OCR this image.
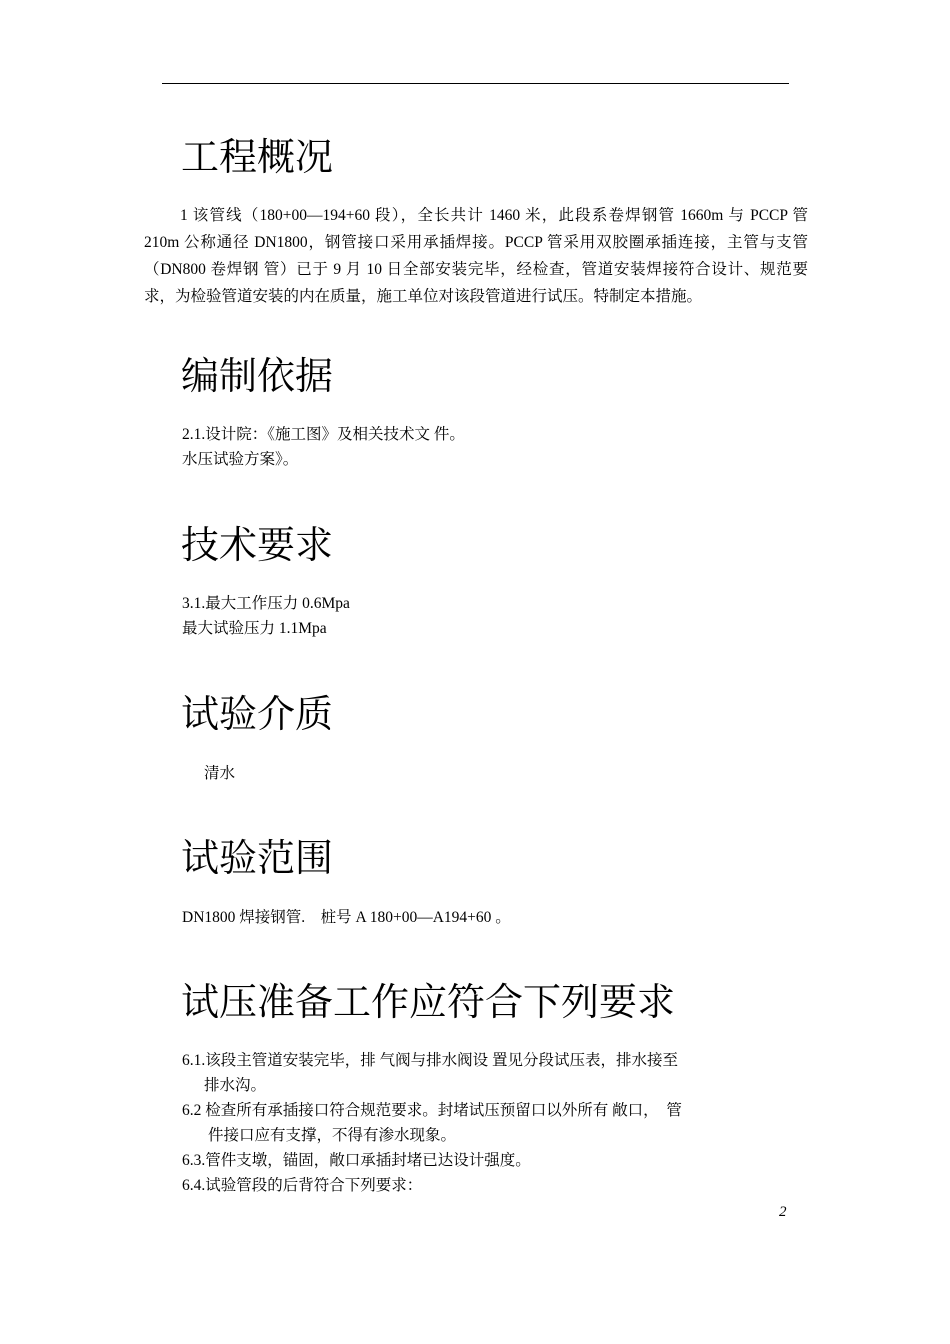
工程概况

1 该管线（180+00—194+60 段），全长共计 1460 米，此段系卷焊钢管 1660m 与 PCCP 管 210m 公称通径 DN1800，钢管接口采用承插焊接。PCCP 管采用双胶圈承插连接，主管与支管（DN800 卷焊钢 管）已于 9 月 10 日全部安装完毕，经检查，管道安装焊接符合设计、规范要求，为检验管道安装的内在质量，施工单位对该段管道进行试压。特制定本措施。

编制依据

2.1.设计院：《施工图》及相关技术文 件。

水压试验方案》。

技术要求

3.1.最大工作压力 0.6Mpa

最大试验压力 1.1Mpa

试验介质

清水

试验范围

DN1800 焊接钢管.    桩号 A 180+00—A194+60 。

试压准备工作应符合下列要求

6.1.该段主管道安装完毕，排 气阀与排水阀设 置见分段试压表，排水接至

排水沟。

6.2 检查所有承插接口符合规范要求。封堵试压预留口以外所有 敞口，  管

件接口应有支撑，不得有渗水现象。

6.3.管件支墩，锚固，敞口承插封堵已达设计强度。

6.4.试验管段的后背符合下列要求：

2
